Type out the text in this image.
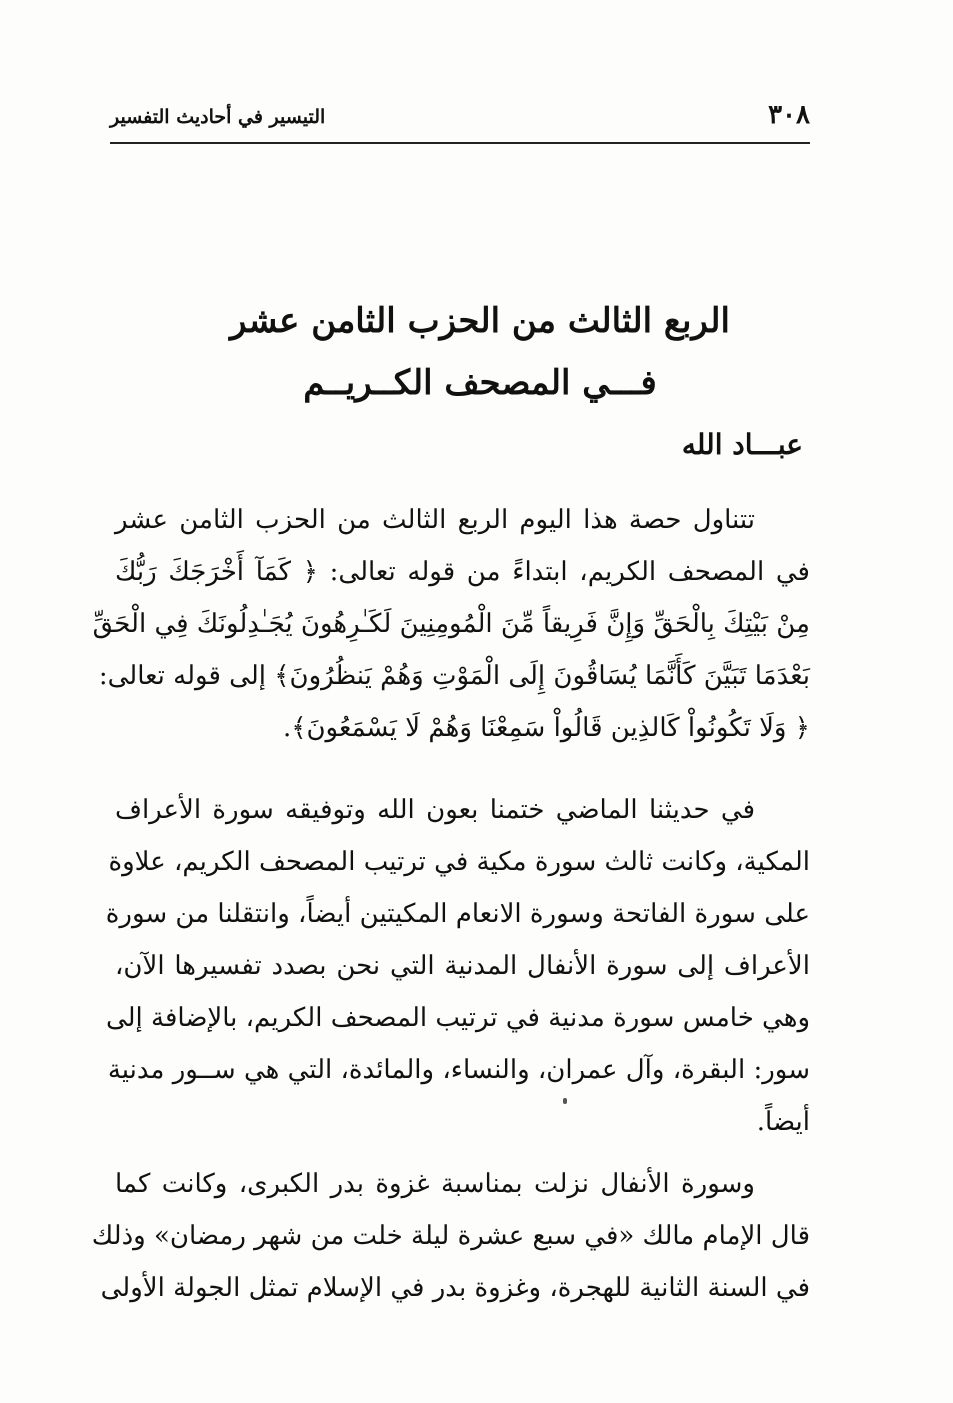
٣٠٨
التيسير في أحاديث التفسير
الربع الثالث من الحزب الثامن عشر
فـــي المصحف الكــريــم
عبـــاد الله

تتناول حصة هذا اليوم الربع الثالث من الحزب الثامن عشر
في المصحف الكريم، ابتداءً من قوله تعالى: ﴿ كَمَآ أَخْرَجَكَ رَبُّكَ
مِنْ بَيْتِكَ بِالْحَقِّ وَإِنَّ فَرِيقاً مِّنَ الْمُومِنِينَ لَكَـٰرِهُونَ يُجَـٰدِلُونَكَ فِي الْحَقِّ
بَعْدَمَا تَبَيَّنَ كَأَنَّمَا يُسَاقُونَ إِلَى الْمَوْتِ وَهُمْ يَنظُرُونَ﴾ إلى قوله تعالى:
﴿ وَلَا تَكُونُواْ كَالذِين قَالُواْ سَمِعْنَا وَهُمْ لَا يَسْمَعُونَ﴾.

في حديثنا الماضي ختمنا بعون الله وتوفيقه سورة الأعراف
المكية، وكانت ثالث سورة مكية في ترتيب المصحف الكريم، علاوة
على سورة الفاتحة وسورة الانعام المكيتين أيضاً، وانتقلنا من سورة
الأعراف إلى سورة الأنفال المدنية التي نحن بصدد تفسيرها الآن،
وهي خامس سورة مدنية في ترتيب المصحف الكريم، بالإضافة إلى
سور: البقرة، وآل عمران، والنساء، والمائدة، التي هي ســور مدنية
أيضاً.

وسورة الأنفال نزلت بمناسبة غزوة بدر الكبرى، وكانت كما
قال الإمام مالك «في سبع عشرة ليلة خلت من شهر رمضان» وذلك
في السنة الثانية للهجرة، وغزوة بدر في الإسلام تمثل الجولة الأولى
